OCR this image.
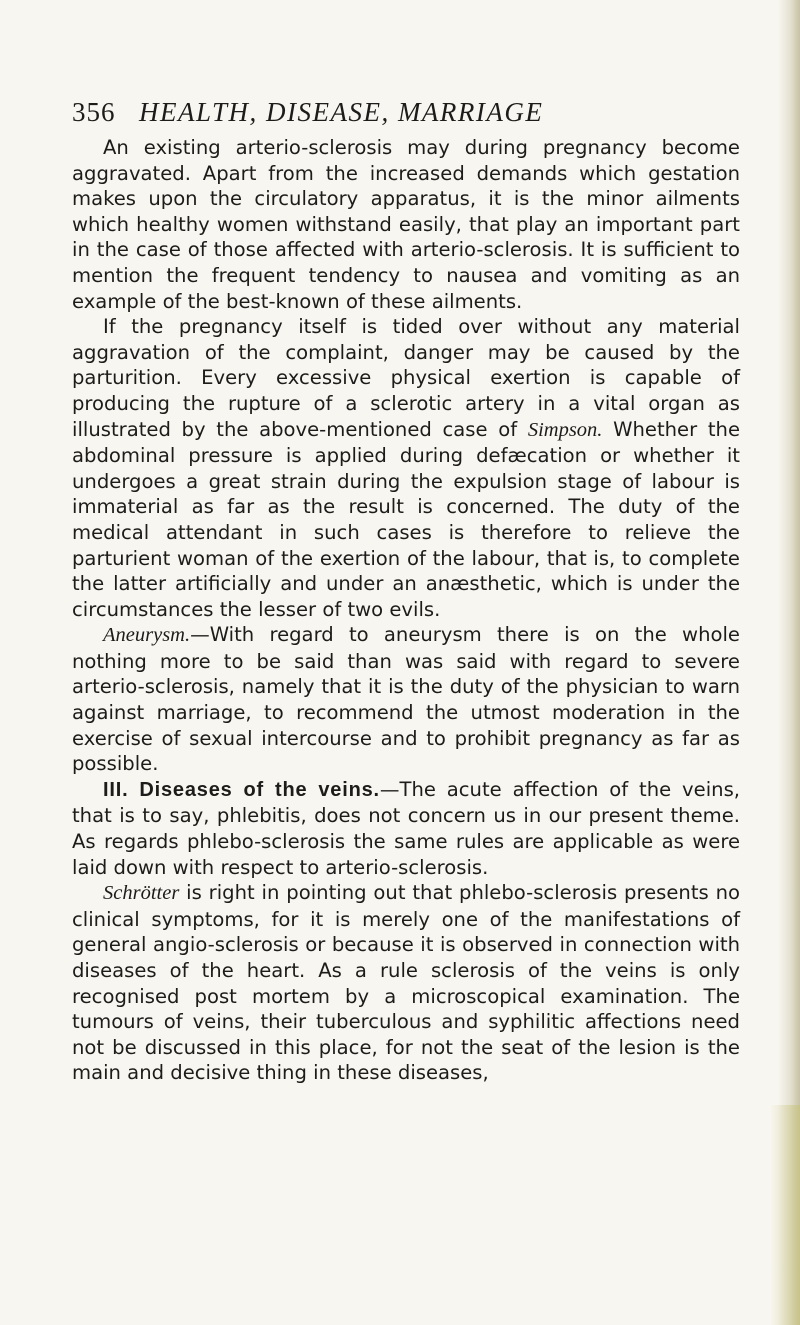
356 HEALTH, DISEASE, MARRIAGE

An existing arterio-sclerosis may during pregnancy become aggravated. Apart from the increased demands which gestation makes upon the circulatory apparatus, it is the minor ailments which healthy women withstand easily, that play an important part in the case of those affected with arterio-sclerosis. It is sufficient to mention the frequent tendency to nausea and vomiting as an example of the best-known of these ailments.

If the pregnancy itself is tided over without any material aggravation of the complaint, danger may be caused by the parturition. Every excessive physical exertion is capable of producing the rupture of a sclerotic artery in a vital organ as illustrated by the above-mentioned case of Simpson. Whether the abdominal pressure is applied during defæcation or whether it undergoes a great strain during the expulsion stage of labour is immaterial as far as the result is concerned. The duty of the medical attendant in such cases is therefore to relieve the parturient woman of the exertion of the labour, that is, to complete the latter artificially and under an anæsthetic, which is under the circumstances the lesser of two evils.

Aneurysm.—With regard to aneurysm there is on the whole nothing more to be said than was said with regard to severe arterio-sclerosis, namely that it is the duty of the physician to warn against marriage, to recommend the utmost moderation in the exercise of sexual intercourse and to prohibit pregnancy as far as possible.

III. Diseases of the veins.—The acute affection of the veins, that is to say, phlebitis, does not concern us in our present theme. As regards phlebo-sclerosis the same rules are applicable as were laid down with respect to arterio-sclerosis.

Schrötter is right in pointing out that phlebo-sclerosis presents no clinical symptoms, for it is merely one of the manifestations of general angio-sclerosis or because it is observed in connection with diseases of the heart. As a rule sclerosis of the veins is only recognised post mortem by a microscopical examination. The tumours of veins, their tuberculous and syphilitic affections need not be discussed in this place, for not the seat of the lesion is the main and decisive thing in these diseases,
